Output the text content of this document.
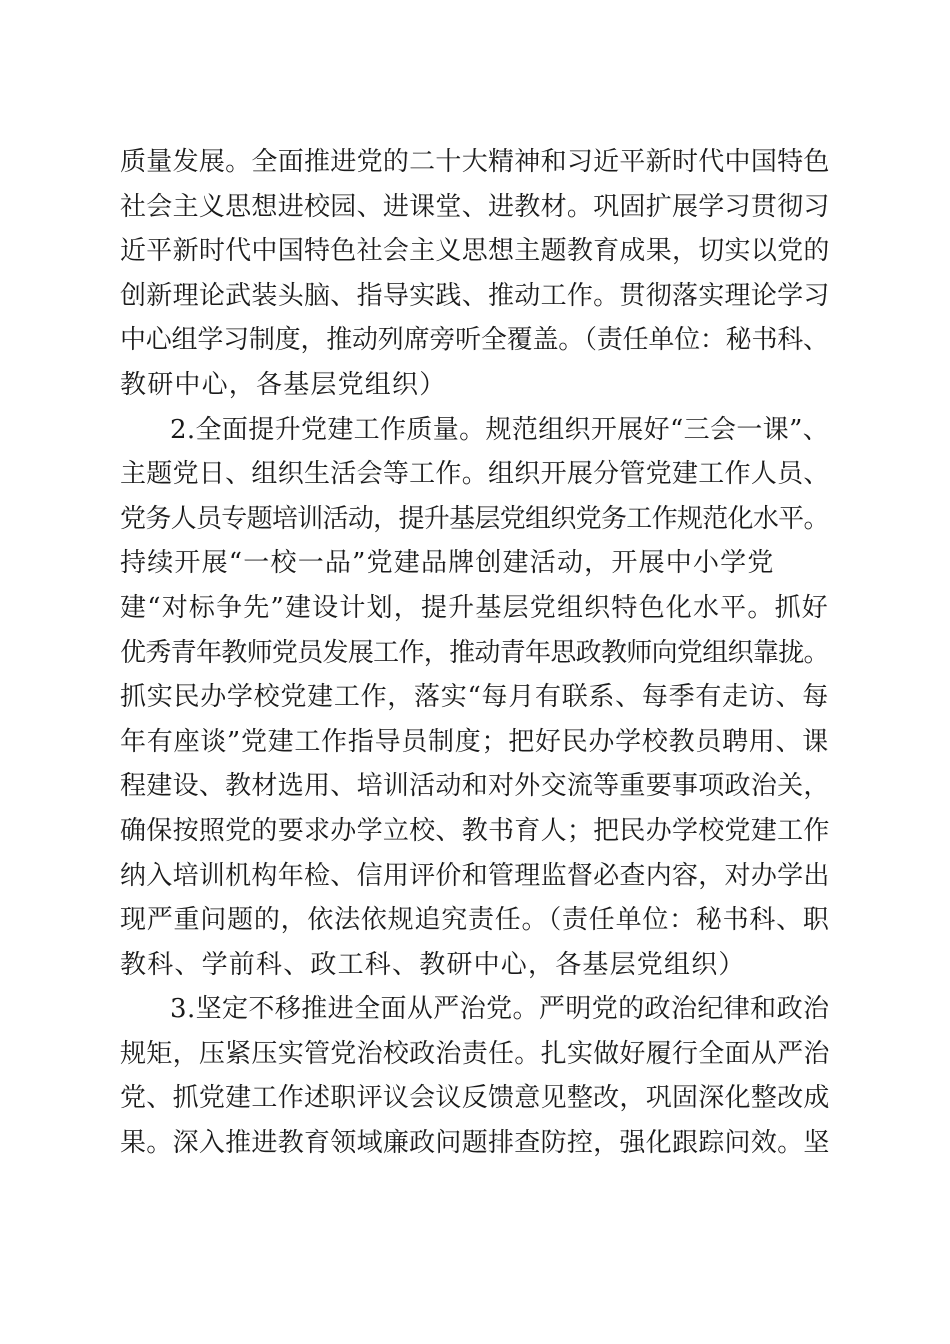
质量发展。全面推进党的二十大精神和习近平新时代中国特色
社会主义思想进校园、进课堂、进教材。巩固扩展学习贯彻习
近平新时代中国特色社会主义思想主题教育成果，切实以党的
创新理论武装头脑、指导实践、推动工作。贯彻落实理论学习
中心组学习制度，推动列席旁听全覆盖。（责任单位：秘书科、
教研中心，各基层党组织）
2.全面提升党建工作质量。规范组织开展好“三会一课”、
主题党日、组织生活会等工作。组织开展分管党建工作人员、
党务人员专题培训活动，提升基层党组织党务工作规范化水平。
持续开展“一校一品”党建品牌创建活动，开展中小学党
建“对标争先”建设计划，提升基层党组织特色化水平。抓好
优秀青年教师党员发展工作，推动青年思政教师向党组织靠拢。
抓实民办学校党建工作，落实“每月有联系、每季有走访、每
年有座谈”党建工作指导员制度；把好民办学校教员聘用、课
程建设、教材选用、培训活动和对外交流等重要事项政治关，
确保按照党的要求办学立校、教书育人；把民办学校党建工作
纳入培训机构年检、信用评价和管理监督必查内容，对办学出
现严重问题的，依法依规追究责任。（责任单位：秘书科、职
教科、学前科、政工科、教研中心，各基层党组织）
3.坚定不移推进全面从严治党。严明党的政治纪律和政治
规矩，压紧压实管党治校政治责任。扎实做好履行全面从严治
党、抓党建工作述职评议会议反馈意见整改，巩固深化整改成
果。深入推进教育领域廉政问题排查防控，强化跟踪问效。坚
